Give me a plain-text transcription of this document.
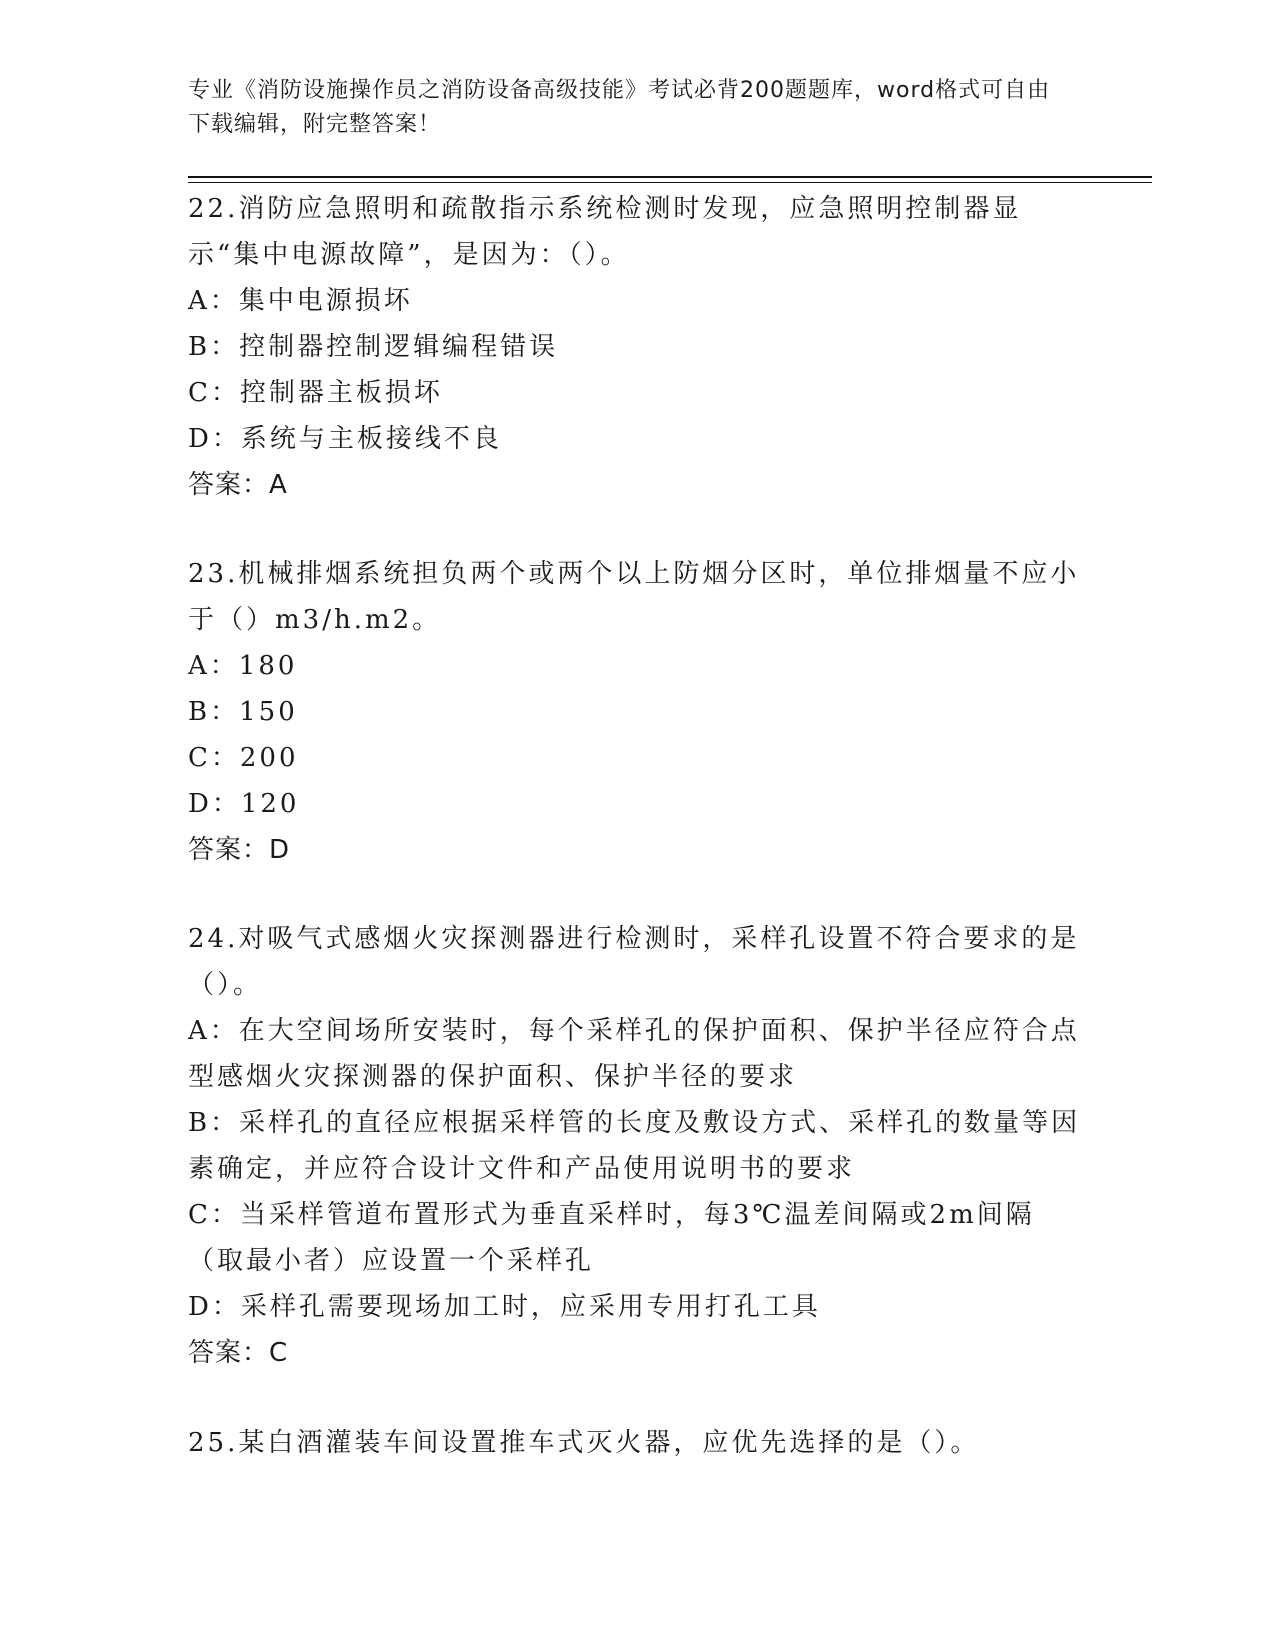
专业《消防设施操作员之消防设备高级技能》考试必背200题题库，word格式可自由下载编辑，附完整答案！
22.消防应急照明和疏散指示系统检测时发现，应急照明控制器显示“集中电源故障”，是因为：（）。
A：集中电源损坏
B：控制器控制逻辑编程错误
C：控制器主板损坏
D：系统与主板接线不良
答案：A
23.机械排烟系统担负两个或两个以上防烟分区时，单位排烟量不应小于（）m3/h.m2。
A：180
B：150
C：200
D：120
答案：D
24.对吸气式感烟火灾探测器进行检测时，采样孔设置不符合要求的是（）。
A：在大空间场所安装时，每个采样孔的保护面积、保护半径应符合点型感烟火灾探测器的保护面积、保护半径的要求
B：采样孔的直径应根据采样管的长度及敷设方式、采样孔的数量等因素确定，并应符合设计文件和产品使用说明书的要求
C：当采样管道布置形式为垂直采样时，每3℃温差间隔或2m间隔（取最小者）应设置一个采样孔
D：采样孔需要现场加工时，应采用专用打孔工具
答案：C
25.某白酒灌装车间设置推车式灭火器，应优先选择的是（）。
